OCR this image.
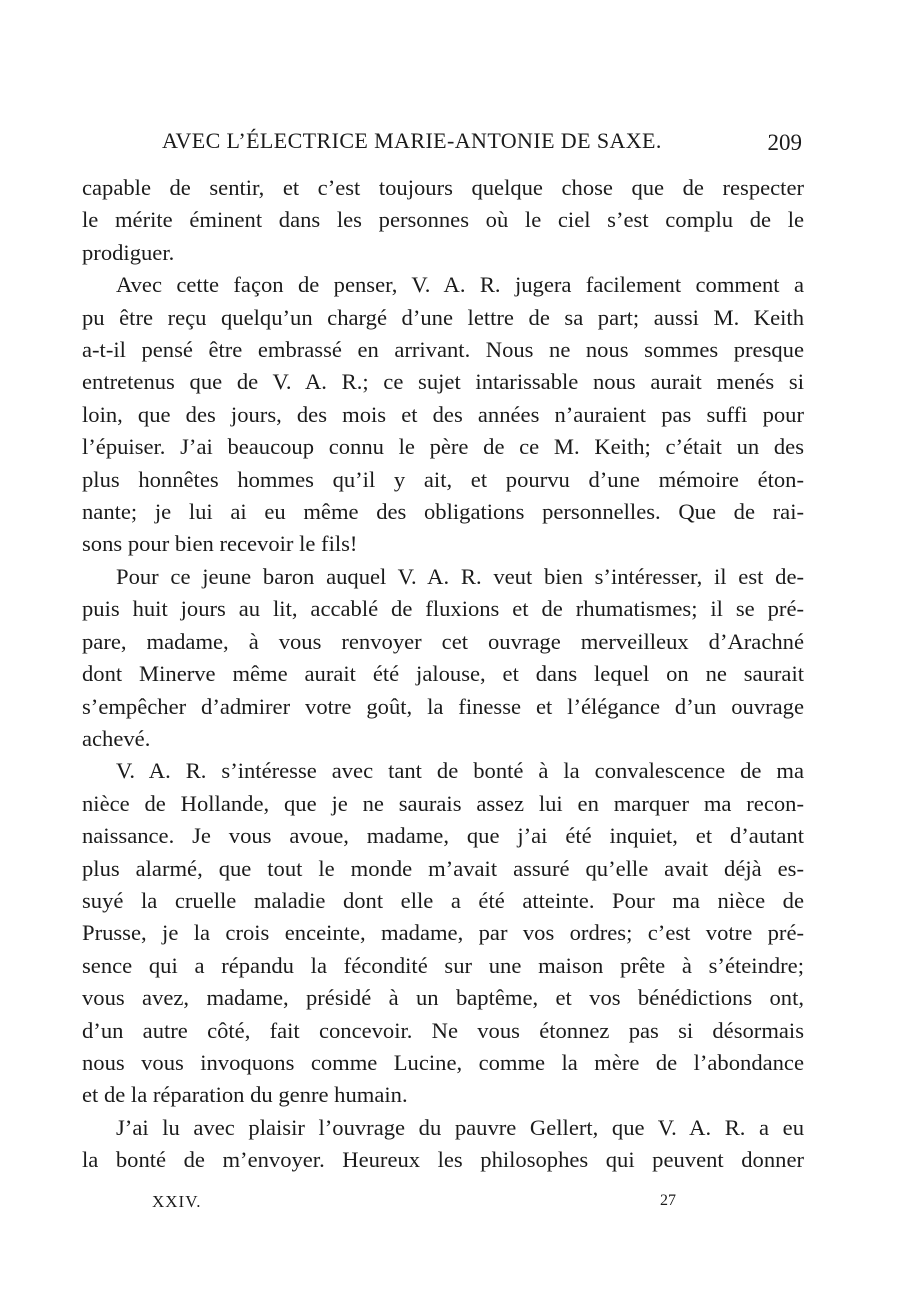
AVEC L’ÉLECTRICE MARIE-ANTONIE DE SAXE.	209

capable de sentir, et c’est toujours quelque chose que de respecter
le mérite éminent dans les personnes où le ciel s’est complu de le
prodiguer.

Avec cette façon de penser, V. A. R. jugera facilement comment a
pu être reçu quelqu’un chargé d’une lettre de sa part; aussi M. Keith
a-t-il pensé être embrassé en arrivant. Nous ne nous sommes presque
entretenus que de V. A. R.; ce sujet intarissable nous aurait menés si
loin, que des jours, des mois et des années n’auraient pas suffi pour
l’épuiser. J’ai beaucoup connu le père de ce M. Keith; c’était un des
plus honnêtes hommes qu’il y ait, et pourvu d’une mémoire éton-
nante; je lui ai eu même des obligations personnelles. Que de rai-
sons pour bien recevoir le fils!

Pour ce jeune baron auquel V. A. R. veut bien s’intéresser, il est de-
puis huit jours au lit, accablé de fluxions et de rhumatismes; il se pré-
pare, madame, à vous renvoyer cet ouvrage merveilleux d’Arachné
dont Minerve même aurait été jalouse, et dans lequel on ne saurait
s’empêcher d’admirer votre goût, la finesse et l’élégance d’un ouvrage
achevé.

V. A. R. s’intéresse avec tant de bonté à la convalescence de ma
nièce de Hollande, que je ne saurais assez lui en marquer ma recon-
naissance. Je vous avoue, madame, que j’ai été inquiet, et d’autant
plus alarmé, que tout le monde m’avait assuré qu’elle avait déjà es-
suyé la cruelle maladie dont elle a été atteinte. Pour ma nièce de
Prusse, je la crois enceinte, madame, par vos ordres; c’est votre pré-
sence qui a répandu la fécondité sur une maison prête à s’éteindre;
vous avez, madame, présidé à un baptême, et vos bénédictions ont,
d’un autre côté, fait concevoir. Ne vous étonnez pas si désormais
nous vous invoquons comme Lucine, comme la mère de l’abondance
et de la réparation du genre humain.

J’ai lu avec plaisir l’ouvrage du pauvre Gellert, que V. A. R. a eu
la bonté de m’envoyer. Heureux les philosophes qui peuvent donner

XXIV.	27
